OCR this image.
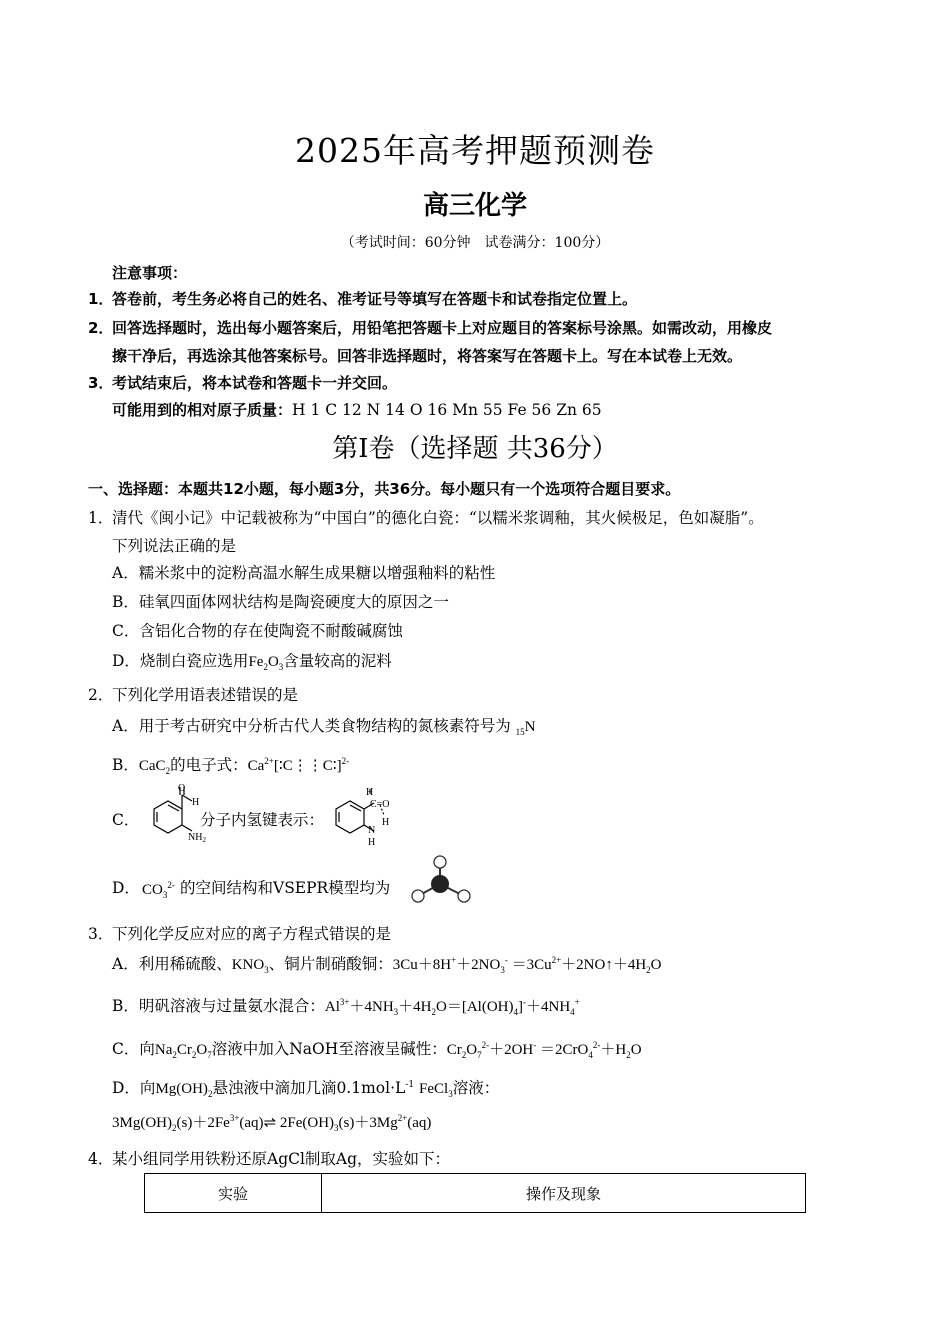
2025年高考押题预测卷
高三化学
（考试时间：60分钟　试卷满分：100分）
注意事项：
1．答卷前，考生务必将自己的姓名、准考证号等填写在答题卡和试卷指定位置上。
2．回答选择题时，选出每小题答案后，用铅笔把答题卡上对应题目的答案标号涂黑。如需改动，用橡皮
擦干净后，再选涂其他答案标号。回答非选择题时，将答案写在答题卡上。写在本试卷上无效。
3．考试结束后，将本试卷和答题卡一并交回。
可能用到的相对原子质量：H 1 C 12 N 14 O 16 Mn 55 Fe 56 Zn 65
第Ⅰ卷（选择题 共36分）
一、选择题：本题共12小题，每小题3分，共36分。每小题只有一个选项符合题目要求。
1．清代《闽小记》中记载被称为“中国白”的德化白瓷：“以糯米浆调釉，其火候极足，色如凝脂”。
下列说法正确的是
A．糯米浆中的淀粉高温水解生成果糖以增强釉料的粘性
B．硅氧四面体网状结构是陶瓷硬度大的原因之一
C．含铝化合物的存在使陶瓷不耐酸碱腐蚀
D．烧制白瓷应选用$Fe_2O_3$含量较高的泥料
2．下列化学用语表述错误的是
A．用于考古研究中分析古代人类食物结构的氮核素符号为 $_{15}$N
B．CaC$_2$的电子式：$Ca^{2+}[∶C⋮⋮C∶]^{2-}$
C．
O
H
$NH_2$
分子内氢键表示：
H
C=O
N
H
H
D． $CO_3^{2-}$ 的空间结构和VSEPR模型均为
3．下列化学反应对应的离子方程式错误的是
A．利用稀硫酸、$KNO_3$、铜片制硝酸铜：$3Cu+8H^++2NO_3^-$ $=3Cu^{2+}+2NO↑+4H_2O$
B．明矾溶液与过量氨水混合：$Al^{3+}+4NH_3+4H_2O=[Al(OH)_4]^-+4NH_4^+$
C．向$Na_2Cr_2O_7$溶液中加入NaOH至溶液呈碱性：$Cr_2O_7^{2-}+2OH^- =2CrO_4^{2-}+H_2O$
D．向$Mg(OH)_2$悬浊液中滴加几滴$0.1mol\cdot L^{-1}$ FeCl$_3$溶液：
$3Mg(OH)_2(s)+2Fe^{3+}(aq)\rightleftharpoons$ $2Fe(OH)_3(s)+3Mg^{2+}(aq)$
4．某小组同学用铁粉还原AgCl制取Ag，实验如下：
实验	操作及现象
